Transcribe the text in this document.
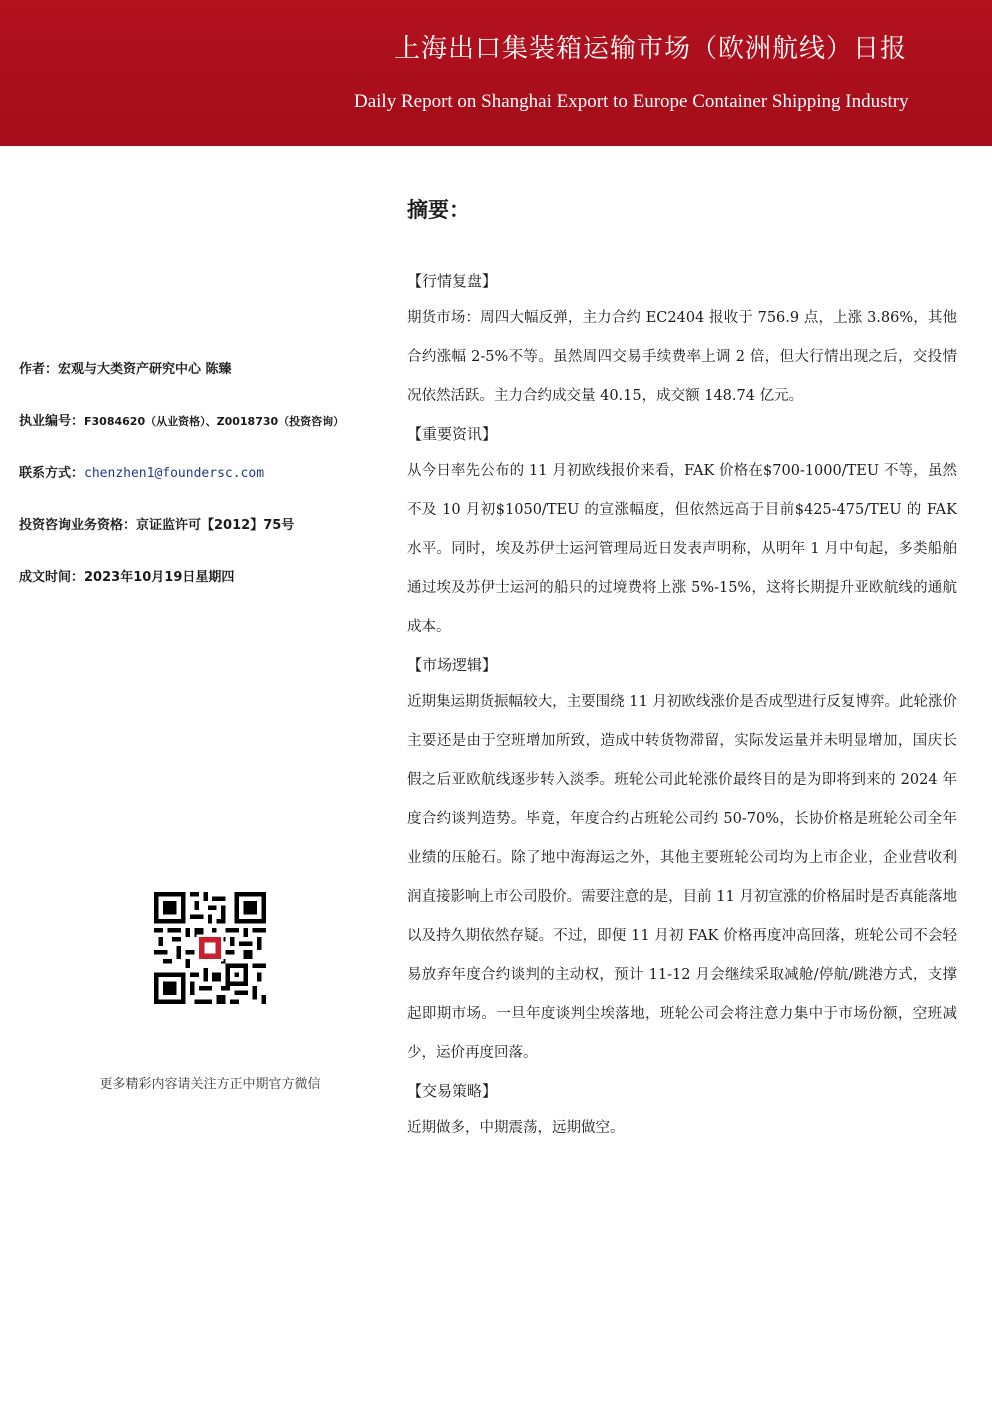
上海出口集装箱运输市场（欧洲航线）日报
Daily Report on Shanghai Export to Europe Container Shipping Industry
作者：宏观与大类资产研究中心 陈臻
执业编号：F3084620（从业资格）、Z0018730（投资咨询）
联系方式：chenzhen1@foundersc.com
投资咨询业务资格：京证监许可【2012】75号
成文时间：2023年10月19日星期四
更多精彩内容请关注方正中期官方微信
摘要：
【行情复盘】

期货市场：周四大幅反弹，主力合约 EC2404 报收于 756.9 点，上涨 3.86%，其他合约涨幅 2-5%不等。虽然周四交易手续费率上调 2 倍，但大行情出现之后，交投情况依然活跃。主力合约成交量 40.15，成交额 148.74 亿元。

【重要资讯】

从今日率先公布的 11 月初欧线报价来看，FAK 价格在$700-1000/TEU 不等，虽然不及 10 月初$1050/TEU 的宣涨幅度，但依然远高于目前$425-475/TEU 的 FAK 水平。同时，埃及苏伊士运河管理局近日发表声明称，从明年 1 月中旬起，多类船舶通过埃及苏伊士运河的船只的过境费将上涨 5%-15%，这将长期提升亚欧航线的通航成本。

【市场逻辑】

近期集运期货振幅较大，主要围绕 11 月初欧线涨价是否成型进行反复博弈。此轮涨价主要还是由于空班增加所致，造成中转货物滞留，实际发运量并未明显增加，国庆长假之后亚欧航线逐步转入淡季。班轮公司此轮涨价最终目的是为即将到来的 2024 年度合约谈判造势。毕竟，年度合约占班轮公司约 50-70%，长协价格是班轮公司全年业绩的压舱石。除了地中海海运之外，其他主要班轮公司均为上市企业，企业营收利润直接影响上市公司股价。需要注意的是，目前 11 月初宣涨的价格届时是否真能落地以及持久期依然存疑。不过，即便 11 月初 FAK 价格再度冲高回落，班轮公司不会轻易放弃年度合约谈判的主动权，预计 11-12 月会继续采取减舱/停航/跳港方式，支撑起即期市场。一旦年度谈判尘埃落地，班轮公司会将注意力集中于市场份额，空班减少，运价再度回落。

【交易策略】

近期做多，中期震荡，远期做空。
